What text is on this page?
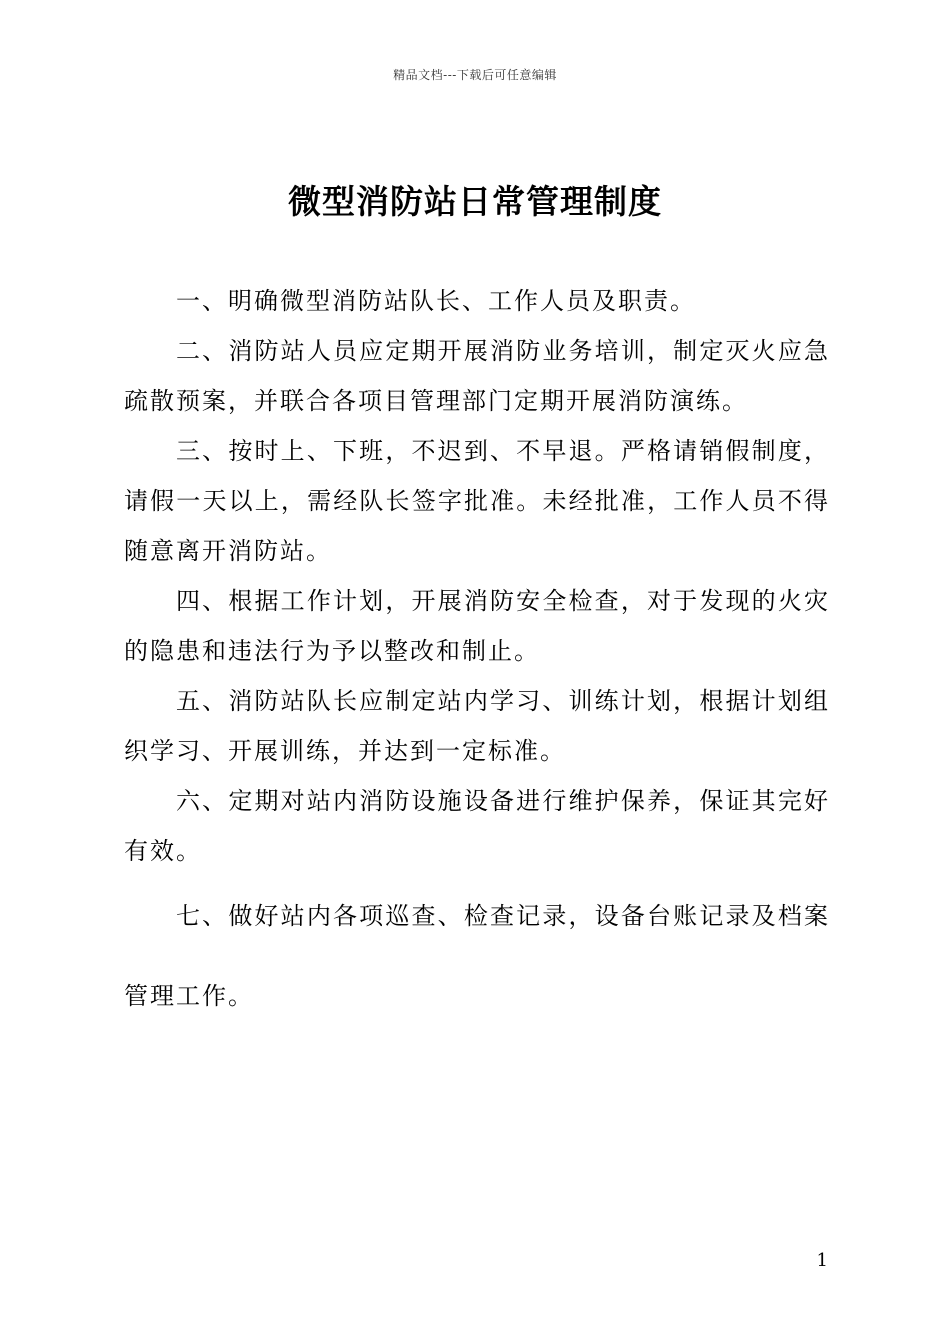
精品文档---下载后可任意编辑
微型消防站日常管理制度

一、明确微型消防站队长、工作人员及职责。

二、消防站人员应定期开展消防业务培训，制定灭火应急疏散预案，并联合各项目管理部门定期开展消防演练。

三、按时上、下班，不迟到、不早退。严格请销假制度，请假一天以上，需经队长签字批准。未经批准，工作人员不得随意离开消防站。

四、根据工作计划，开展消防安全检查，对于发现的火灾的隐患和违法行为予以整改和制止。

五、消防站队长应制定站内学习、训练计划，根据计划组织学习、开展训练，并达到一定标准。

六、定期对站内消防设施设备进行维护保养，保证其完好有效。

七、做好站内各项巡查、检查记录，设备台账记录及档案管理工作。

1
